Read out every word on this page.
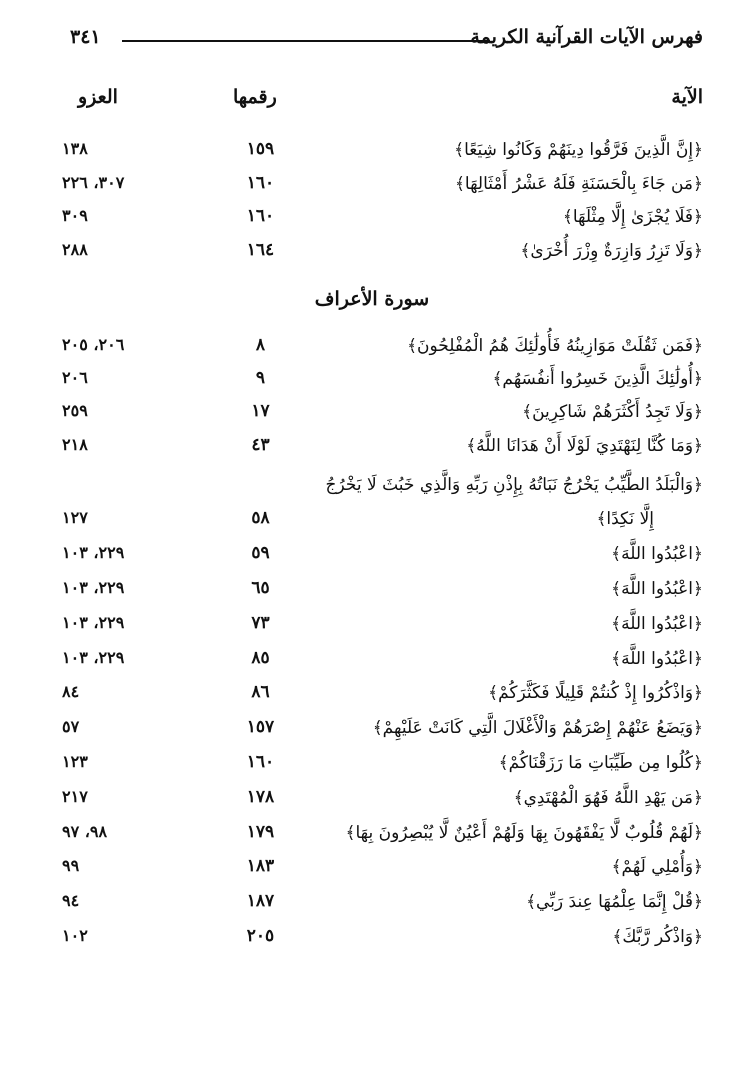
٣٤١	فهرس الآيات القرآنية الكريمة
الآية
رقمها
العزو
﴿إِنَّ الَّذِينَ فَرَّقُوا دِينَهُمْ وَكَانُوا شِيَعًا﴾
١٥٩
١٣٨
﴿مَن جَاءَ بِالْحَسَنَةِ فَلَهُ عَشْرُ أَمْثَالِهَا﴾
١٦٠
٣٠٧، ٢٢٦
﴿فَلَا يُجْزَىٰ إِلَّا مِثْلَهَا﴾
١٦٠
٣٠٩
﴿وَلَا تَزِرُ وَازِرَةٌ وِزْرَ أُخْرَىٰ﴾
١٦٤
٢٨٨
سورة الأعراف
﴿فَمَن ثَقُلَتْ مَوَازِينُهُ فَأُولَٰئِكَ هُمُ الْمُفْلِحُونَ﴾
٨
٢٠٦، ٢٠٥
﴿أُولَٰئِكَ الَّذِينَ خَسِرُوا أَنفُسَهُم﴾
٩
٢٠٦
﴿وَلَا تَجِدُ أَكْثَرَهُمْ شَاكِرِينَ﴾
١٧
٢٥٩
﴿وَمَا كُنَّا لِنَهْتَدِيَ لَوْلَا أَنْ هَدَانَا اللَّهُ﴾
٤٣
٢١٨
﴿وَالْبَلَدُ الطَّيِّبُ يَخْرُجُ نَبَاتُهُ بِإِذْنِ رَبِّهِ وَالَّذِي خَبُثَ لَا يَخْرُجُ
إِلَّا نَكِدًا﴾
٥٨
١٢٧
﴿اعْبُدُوا اللَّهَ﴾
٥٩
٢٢٩، ١٠٣
﴿اعْبُدُوا اللَّهَ﴾
٦٥
٢٢٩، ١٠٣
﴿اعْبُدُوا اللَّهَ﴾
٧٣
٢٢٩، ١٠٣
﴿اعْبُدُوا اللَّهَ﴾
٨٥
٢٢٩، ١٠٣
﴿وَاذْكُرُوا إِذْ كُنتُمْ قَلِيلًا فَكَثَّرَكُمْ﴾
٨٦
٨٤
﴿وَيَضَعُ عَنْهُمْ إِصْرَهُمْ وَالْأَغْلَالَ الَّتِي كَانَتْ عَلَيْهِمْ﴾
١٥٧
٥٧
﴿كُلُوا مِن طَيِّبَاتِ مَا رَزَقْنَاكُمْ﴾
١٦٠
١٢٣
﴿مَن يَهْدِ اللَّهُ فَهُوَ الْمُهْتَدِي﴾
١٧٨
٢١٧
﴿لَهُمْ قُلُوبٌ لَّا يَفْقَهُونَ بِهَا وَلَهُمْ أَعْيُنٌ لَّا يُبْصِرُونَ بِهَا﴾
١٧٩
٩٨، ٩٧
﴿وَأُمْلِي لَهُمْ﴾
١٨٣
٩٩
﴿قُلْ إِنَّمَا عِلْمُهَا عِندَ رَبِّي﴾
١٨٧
٩٤
﴿وَاذْكُر رَّبَّكَ﴾
٢٠٥
١٠٢
